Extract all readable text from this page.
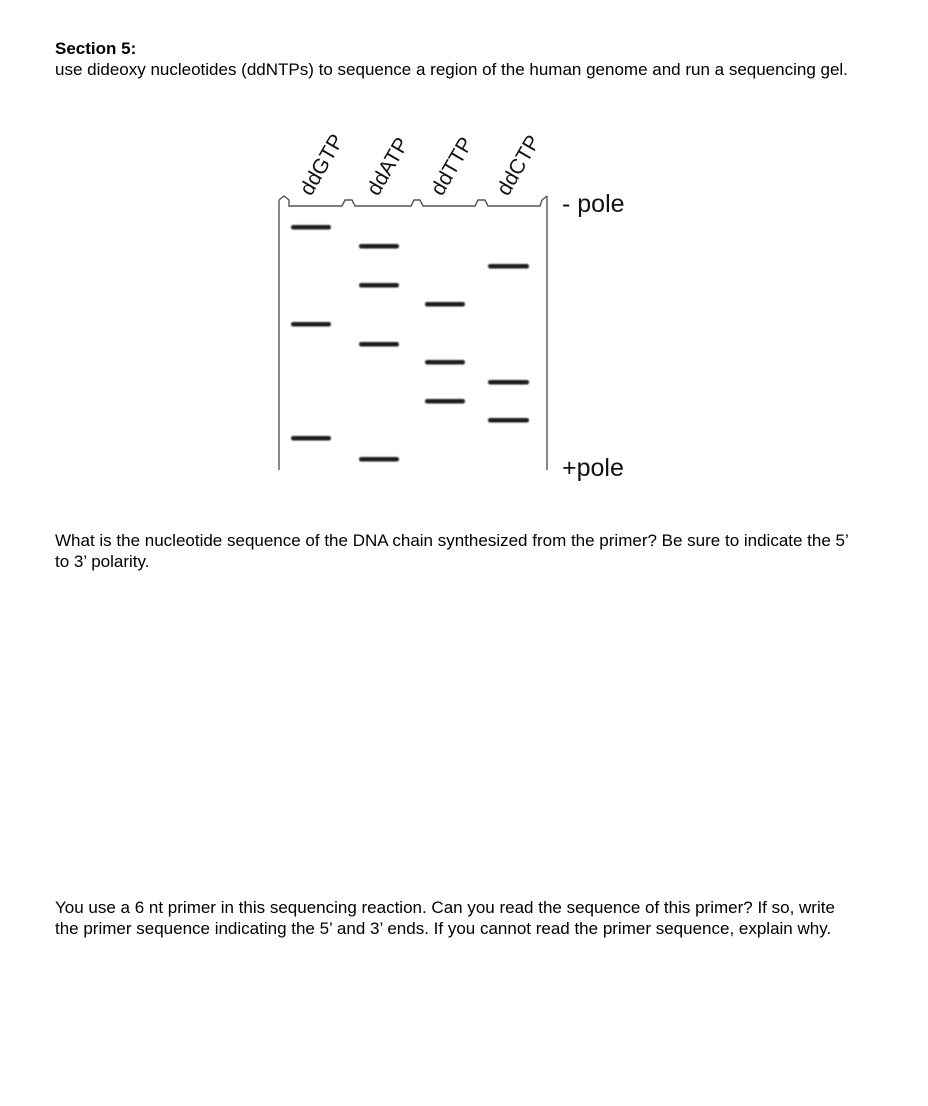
Section 5:
use dideoxy nucleotides (ddNTPs) to sequence a region of the human genome and run a sequencing gel.
ddGTP ddATP ddTTP ddCTP
- pole
+pole
What is the nucleotide sequence of the DNA chain synthesized from the primer? Be sure to indicate the 5’ to 3’ polarity.
You use a 6 nt primer in this sequencing reaction. Can you read the sequence of this primer? If so, write the primer sequence indicating the 5’ and 3’ ends. If you cannot read the primer sequence, explain why.
